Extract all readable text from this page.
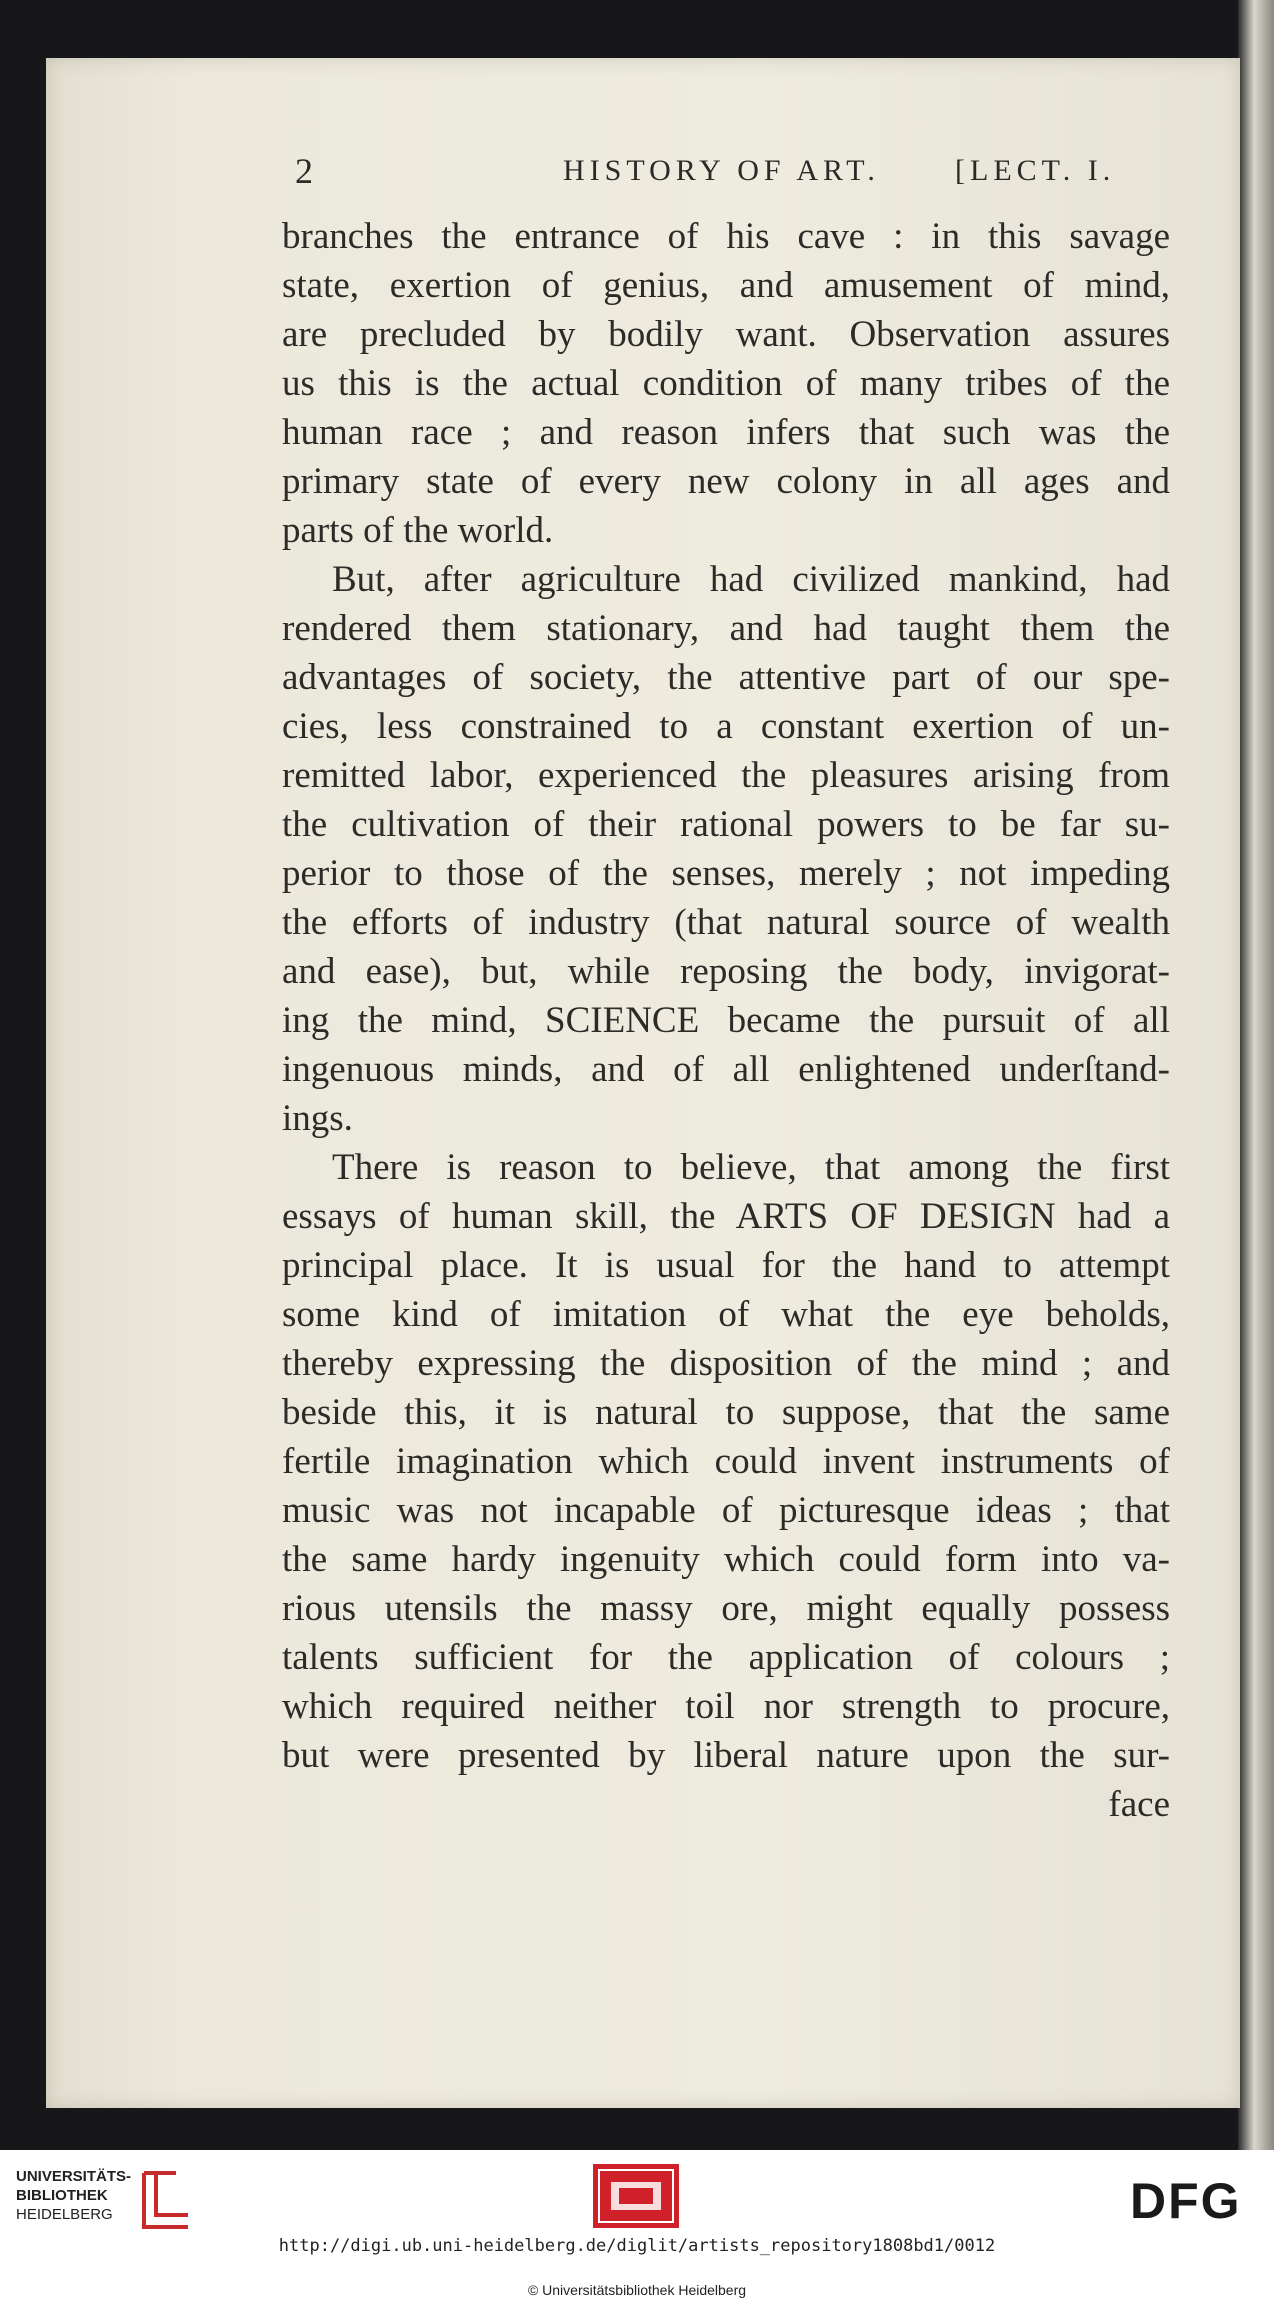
2	HISTORY OF ART.	[LECT. I.
branches the entrance of his cave : in this savage
state, exertion of genius, and amusement of mind,
are precluded by bodily want. Observation assures
us this is the actual condition of many tribes of the
human race ; and reason infers that such was the
primary state of every new colony in all ages and
parts of the world.
But, after agriculture had civilized mankind, had
rendered them stationary, and had taught them the
advantages of society, the attentive part of our spe-
cies, less constrained to a constant exertion of un-
remitted labor, experienced the pleasures arising from
the cultivation of their rational powers to be far su-
perior to those of the senses, merely ; not impeding
the efforts of industry (that natural source of wealth
and ease), but, while reposing the body, invigorat-
ing the mind, SCIENCE became the pursuit of all
ingenuous minds, and of all enlightened underſtand-
ings.
There is reason to believe, that among the first
essays of human skill, the ARTS OF DESIGN had a
principal place. It is usual for the hand to attempt
some kind of imitation of what the eye beholds,
thereby expressing the disposition of the mind ; and
beside this, it is natural to suppose, that the same
fertile imagination which could invent instruments of
music was not incapable of picturesque ideas ; that
the same hardy ingenuity which could form into va-
rious utensils the massy ore, might equally possess
talents sufficient for the application of colours ;
which required neither toil nor strength to procure,
but were presented by liberal nature upon the sur-
face
UNIVERSITÄTS-
BIBLIOTHEK
HEIDELBERG	DFG
http://digi.ub.uni-heidelberg.de/diglit/artists_repository1808bd1/0012
© Universitätsbibliothek Heidelberg
